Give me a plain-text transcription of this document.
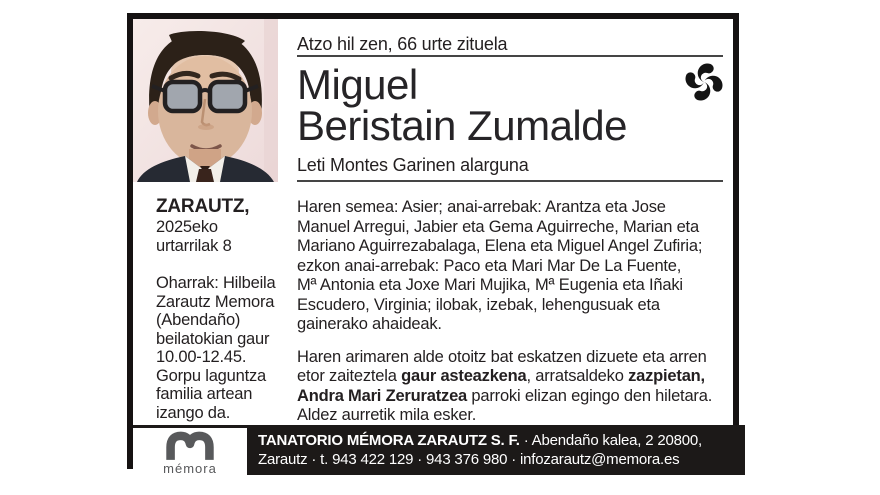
Atzo hil zen, 66 urte zituela
Miguel
Beristain Zumalde
Leti Montes Garinen alarguna
ZARAUTZ,
2025eko
urtarrilak 8
Oharrak: Hilbeila
Zarautz Memora
(Abendaño)
beilatokian gaur
10.00-12.45.
Gorpu laguntza
familia artean
izango da.
Haren semea: Asier; anai-arrebak: Arantza eta Jose
Manuel Arregui, Jabier eta Gema Aguirreche, Marian eta
Mariano Aguirrezabalaga, Elena eta Miguel Angel Zufiria;
ezkon anai-arrebak: Paco eta Mari Mar De La Fuente,
Mª Antonia eta Joxe Mari Mujika, Mª Eugenia eta Iñaki
Escudero, Virginia; ilobak, izebak, lehengusuak eta
gainerako ahaideak.
Haren arimaren alde otoitz bat eskatzen dizuete eta arren
etor zaiteztela gaur asteazkena, arratsaldeko zazpietan,
Andra Mari Zeruratzea parroki elizan egingo den hiletara.
Aldez aurretik mila esker.
mémora
TANATORIO MÉMORA ZARAUTZ S. F. · Abendaño kalea, 2 20800,
Zarautz · t. 943 422 129 · 943 376 980 · infozarautz@memora.es
